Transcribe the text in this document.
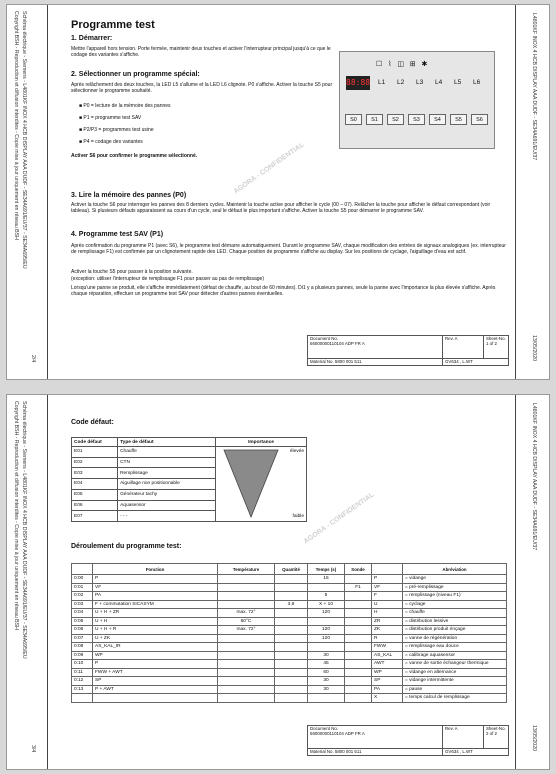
Copyright BSH - Reproduction et diffusion interdites - Copie mise à jour uniquement en réseau BSH Schéma électrique - Siemens - L4801KF INOX 4 HCB DISPLAY AAA DUDF - SE34A691/EU/37 - SE34A695/EU
2/4
L4801KF INOX 4 HCB DISPLAY AAA DUDF - SE34A691/EU/37
13/05/2020
Programme test
1. Démarrer:
Mettre l'appareil hors tension. Porte fermée, maintenir deux touches et activer l'interrupteur principal jusqu'à ce que le codage des variantes s'affiche.
2. Sélectionner un programme spécial:
Après relâchement des deux touches, la LED L5 s'allume et la LED L6 clignote. P0 s'affiche. Activer la touche S5 pour sélectionner le programme souhaité.
■ P0 = lecture de la mémoire des pannes
■ P1 = programme test SAV
■ P2/P3 = programmes test usine
■ P4 = codage des variantes
Activer S6 pour confirmer le programme sélectionné.
☐   ⌇   ◫   ⊞   ✱
88:88 L1 L2 L3 L4 L5 L6
S0	S1	S2	S3	S4	S5	S6
AGORA - CONFIDENTIAL
3. Lire la mémoire des pannes (P0)
Activer la touche S6 pour interroger les pannes des 8 derniers cycles. Maintenir la touche active pour afficher le cycle (00 – 07). Relâcher la touche pour afficher le défaut correspondant (voir tableau). Si plusieurs défauts apparaissent au cours d'un cycle, seul le défaut le plus important s'affiche. Activer la touche S5 pour démarrer le programme SAV.
4. Programme test SAV (P1)
Après confirmation du programme P1 (avec S6), le programme test démarre automatiquement. Durant le programme SAV, chaque modification des entrées de signaux analogiques (ex. interrupteur de remplissage F1) est confirmée par un clignotement rapide des LED. Chaque position de programme s'affiche au display. Sur les positions de cyclage, l'aiguillage d'eau est actif.
Activer la touche S5 pour passer à la position suivante.
(exception: utiliser l'interrupteur de remplissage F1 pour passer au pas de remplissage)
Lorsqu'une panne se produit, elle s'affiche immédiatement (défaut de chauffe, au bout de 60 minutes). Di1 y a plusieurs pannes, seule la panne avec l'importance la plus élevée s'affiche. Après chaque réparation, effectuer un programme test SAV pour détecter d'autres pannes éventuelles.
Document No.
56000000110104 ADP FR A	Rev. A	Sheet-No.
1 of 2
Material No. 5800 001 511	GV634 , L.WT	
Copyright BSH - Reproduction et diffusion interdites - Copie mise à jour uniquement en réseau BSH Schéma électrique - Siemens - L4801KF INOX 4 HCB DISPLAY AAA DUDF - SE34A691/EU/37 - SE34A695/EU
3/4
L4801KF INOX 4 HCB DISPLAY AAA DUDF - SE34A691/EU/37
13/05/2020
Code défaut:
Code défaut	Type de défaut	Importance
E01	Chauffe	élevée
faible

E02	CTN	
E03	Remplissage	
E04	Aiguillage non positionnable	
E05	Générateur tachy	
E06	Aquasensor	
E07	- - -		AGORA - CONFIDENTIAL
Déroulement du programme test:
	Fonction	Température	Quantité	Temps (s)	Sonde		Abréviation
0:00	P			15		P	= vidange
0:01	VF				F1	VF	= pré-remplissage
0:02	PA			5		F	= remplissage (niveau F1)
0:03	F + commutation SICASYM		3,9	X + 10		U	= cyclage
0:04	U + H + ZR	max. 72°		120		H	= chauffe
0:05	U + H	60°C				ZR	= distribution lessive
0:06	U + H + R	max. 72°		120		ZK	= distribution produit rinçage
0:07	U + ZK			120		R	= vanne de régénération
0:08	AS_KAL_IR					FWW	= remplissage eau douce
0:09	WP			30		AS_KAL	= calibrage aquasensor
0:10	P			45		AWT	= vanne de sortie échangeur thermique
0:11	FWW + AWT			60		WP	= vidange en alternance
0:12	SP			30		SP	= vidange intermittente
0:13	P + AWT			30		PA	= pause
						X	= temps calcul de remplissage
Document No.
56000000110104 ADP FR A	Rev. A	Sheet-No.
2 of 2
Material No. 5800 001 511	GV634 , L.WT	
